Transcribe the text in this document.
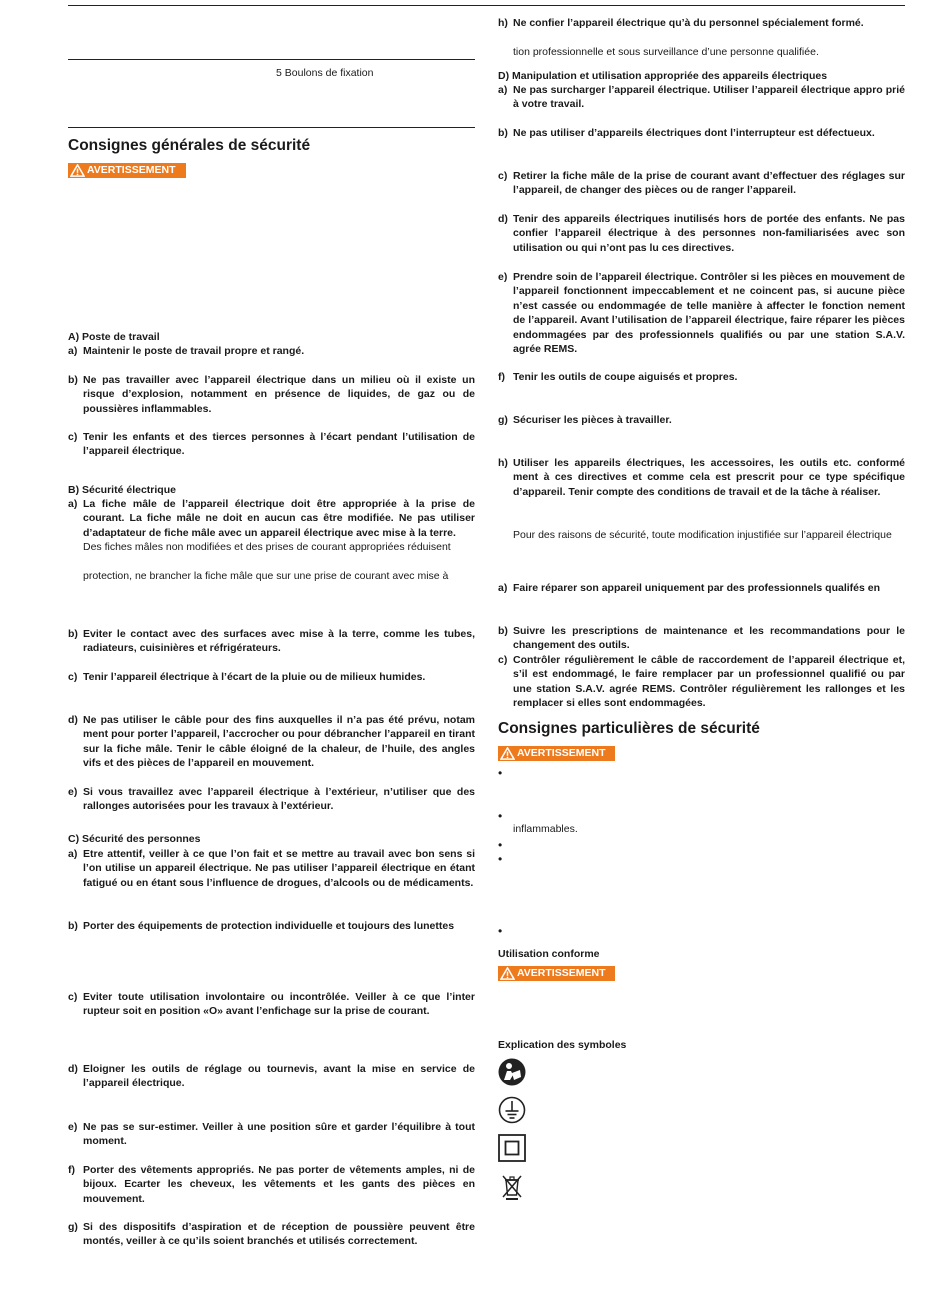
5 Boulons de fixation
Consignes générales de sécurité
AVERTISSEMENT
A) Poste de travail
a) Maintenir le poste de travail propre et rangé.
b) Ne pas travailler avec l’appareil électrique dans un milieu où il existe un risque d’explosion, notamment en présence de liquides, de gaz ou de poussières inflammables.
c) Tenir les enfants et des tierces personnes à l’écart pendant l’utilisation de l’appareil électrique.
B) Sécurité électrique
a) La fiche mâle de l’appareil électrique doit être appropriée à la prise de courant. La fiche mâle ne doit en aucun cas être modifiée. Ne pas utiliser d’adaptateur de fiche mâle avec un appareil électrique avec mise à la terre.
Des fiches mâles non modifiées et des prises de courant appropriées réduisent
protection, ne brancher la fiche mâle que sur une prise de courant avec mise à
b) Eviter le contact avec des surfaces avec mise à la terre, comme les tubes, radiateurs, cuisinières et réfrigérateurs.
c) Tenir l’appareil électrique à l’écart de la pluie ou de milieux humides.
d) Ne pas utiliser le câble pour des fins auxquelles il n’a pas été prévu, notam ment pour porter l’appareil, l’accrocher ou pour débrancher l’appareil en tirant sur la fiche mâle. Tenir le câble éloigné de la chaleur, de l’huile, des angles vifs et des pièces de l’appareil en mouvement.
e) Si vous travaillez avec l’appareil électrique à l’extérieur, n’utiliser que des rallonges autorisées pour les travaux à l’extérieur.
C) Sécurité des personnes
a) Etre attentif, veiller à ce que l’on fait et se mettre au travail avec bon sens si l’on utilise un appareil électrique. Ne pas utiliser l’appareil électrique en étant fatigué ou en étant sous l’influence de drogues, d’alcools ou de médicaments.
b) Porter des équipements de protection individuelle et toujours des lunettes
c) Eviter toute utilisation involontaire ou incontrôlée. Veiller à ce que l’inter rupteur soit en position «O» avant l’enfichage sur la prise de courant.
d) Eloigner les outils de réglage ou tournevis, avant la mise en service de l’appareil électrique.
e) Ne pas se sur-estimer. Veiller à une position sûre et garder l’équilibre à tout moment.
f) Porter des vêtements appropriés. Ne pas porter de vêtements amples, ni de bijoux. Ecarter les cheveux, les vêtements et les gants des pièces en mouvement.
g) Si des dispositifs d’aspiration et de réception de poussière peuvent être montés, veiller à ce qu’ils soient branchés et utilisés correctement.
h) Ne confier l’appareil électrique qu’à du personnel spécialement formé.
tion professionnelle et sous surveillance d’une personne qualifiée.
D) Manipulation et utilisation appropriée des appareils électriques
a) Ne pas surcharger l’appareil électrique. Utiliser l’appareil électrique appro prié à votre travail.
b) Ne pas utiliser d’appareils électriques dont l’interrupteur est défectueux.
c) Retirer la fiche mâle de la prise de courant avant d’effectuer des réglages sur l’appareil, de changer des pièces ou de ranger l’appareil.
d) Tenir des appareils électriques inutilisés hors de portée des enfants. Ne pas confier l’appareil électrique à des personnes non-familiarisées avec son utilisation ou qui n’ont pas lu ces directives.
e) Prendre soin de l’appareil électrique. Contrôler si les pièces en mouvement de l’appareil fonctionnent impeccablement et ne coincent pas, si aucune pièce n’est cassée ou endommagée de telle manière à affecter le fonction nement de l’appareil. Avant l’utilisation de l’appareil électrique, faire réparer les pièces endommagées par des professionnels qualifiés ou par une station S.A.V. agrée REMS.
f) Tenir les outils de coupe aiguisés et propres.
g) Sécuriser les pièces à travailler.
h) Utiliser les appareils électriques, les accessoires, les outils etc. conformé ment à ces directives et comme cela est prescrit pour ce type spécifique d’appareil. Tenir compte des conditions de travail et de la tâche à réaliser.
Pour des raisons de sécurité, toute modification injustifiée sur l’appareil électrique
a) Faire réparer son appareil uniquement par des professionnels qualifés en
b) Suivre les prescriptions de maintenance et les recommandations pour le changement des outils.
c) Contrôler régulièrement le câble de raccordement de l’appareil électrique et, s’il est endommagé, le faire remplacer par un professionnel qualifié ou par une station S.A.V. agrée REMS. Contrôler régulièrement les rallonges et les remplacer si elles sont endommagées.
Consignes particulières de sécurité
AVERTISSEMENT
•
•
inflammables.
•
•
•
Utilisation conforme
AVERTISSEMENT
Explication des symboles
